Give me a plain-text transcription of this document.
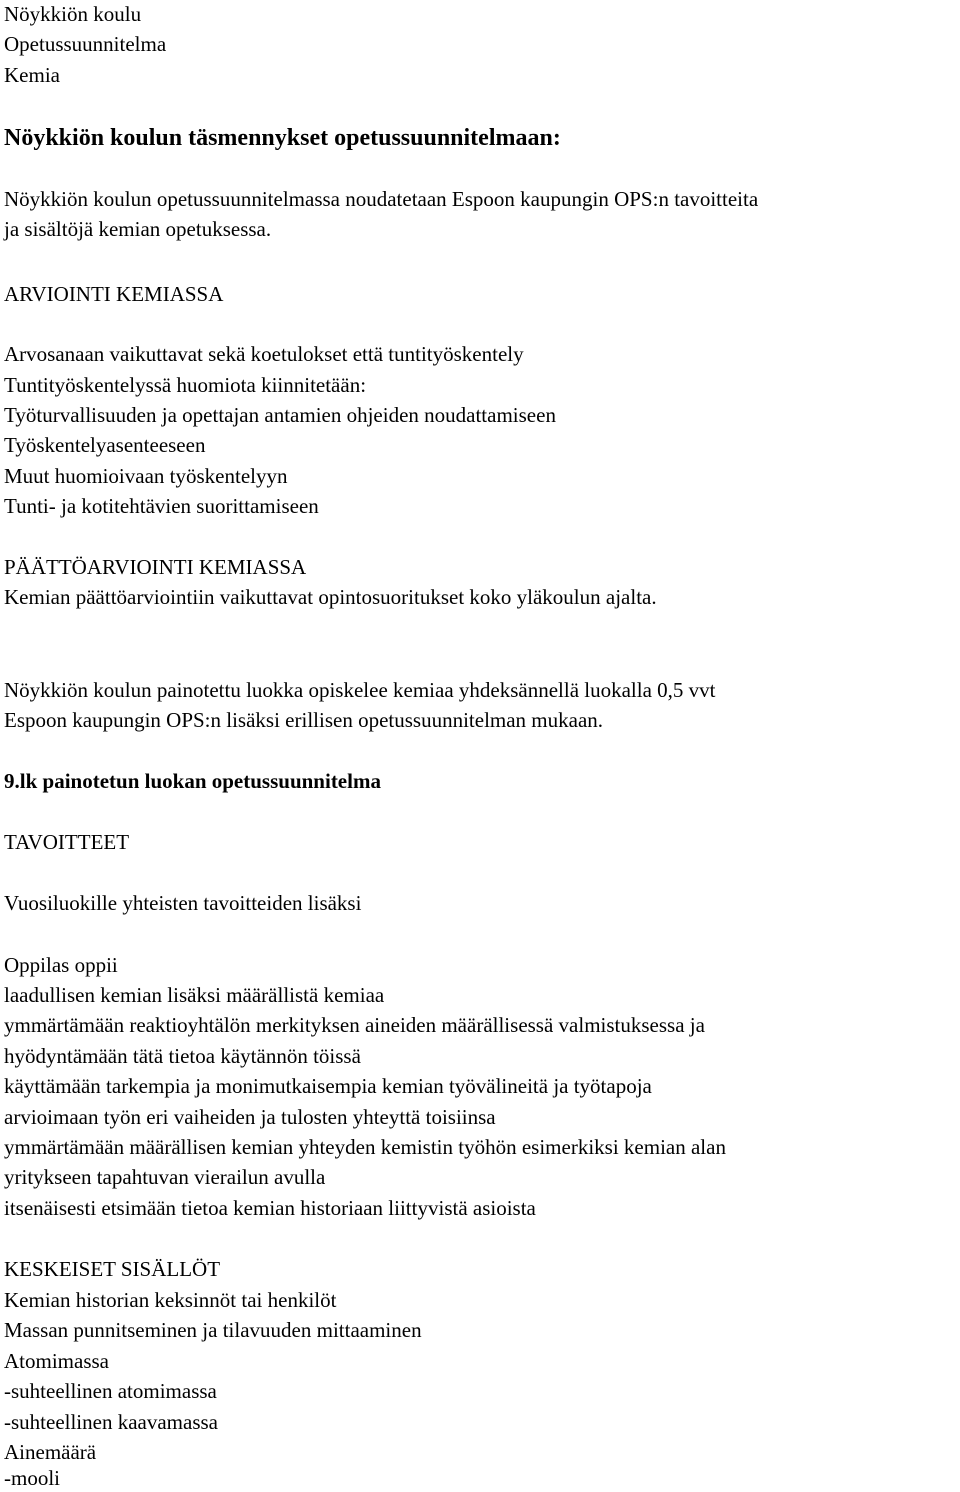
Nöykkiön koulu

Opetussuunnitelma

Kemia

Nöykkiön koulun täsmennykset opetussuunnitelmaan:

Nöykkiön koulun opetussuunnitelmassa noudatetaan Espoon kaupungin OPS:n tavoitteita

ja sisältöjä kemian opetuksessa.

ARVIOINTI KEMIASSA

Arvosanaan vaikuttavat sekä koetulokset että tuntityöskentely

Tuntityöskentelyssä huomiota kiinnitetään:

Työturvallisuuden ja opettajan antamien ohjeiden noudattamiseen

Työskentelyasenteeseen

Muut huomioivaan työskentelyyn

Tunti- ja kotitehtävien suorittamiseen

PÄÄTTÖARVIOINTI KEMIASSA

Kemian päättöarviointiin vaikuttavat opintosuoritukset koko yläkoulun ajalta.

Nöykkiön koulun painotettu luokka opiskelee kemiaa yhdeksännellä luokalla 0,5 vvt

Espoon kaupungin OPS:n lisäksi erillisen opetussuunnitelman mukaan.

9.lk painotetun luokan opetussuunnitelma
TAVOITTEET

Vuosiluokille yhteisten tavoitteiden lisäksi

Oppilas oppii

laadullisen kemian lisäksi määrällistä kemiaa

ymmärtämään reaktioyhtälön merkityksen aineiden määrällisessä valmistuksessa ja

hyödyntämään tätä tietoa käytännön töissä

käyttämään tarkempia ja monimutkaisempia kemian työvälineitä ja työtapoja

arvioimaan työn eri vaiheiden ja tulosten yhteyttä toisiinsa

ymmärtämään määrällisen kemian yhteyden kemistin työhön esimerkiksi kemian alan

yritykseen tapahtuvan vierailun avulla

itsenäisesti etsimään tietoa kemian historiaan liittyvistä asioista

KESKEISET SISÄLLÖT

Kemian historian keksinnöt tai henkilöt

Massan punnitseminen ja tilavuuden mittaaminen

Atomimassa

-suhteellinen atomimassa

-suhteellinen kaavamassa

Ainemäärä

-mooli
